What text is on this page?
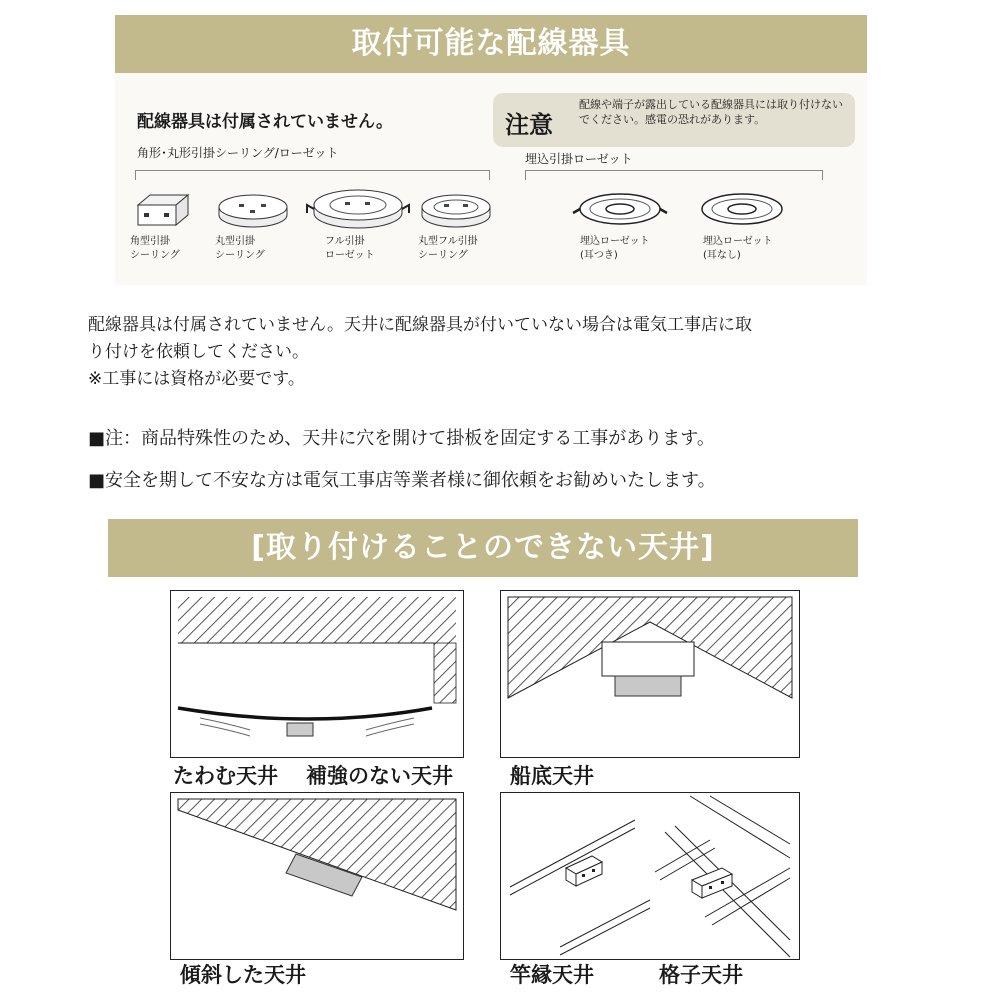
取付可能な配線器具
配線器具は付属されていません。
角形･丸形引掛シーリング/ローゼット
注意
配線や端子が露出している配線器具には取り付けないでください。感電の恐れがあります。
埋込引掛ローゼット
角型引掛
シーリング
丸型引掛
シーリング
フル引掛
ローゼット
丸型フル引掛
シーリング
埋込ローゼット
(耳つき)
埋込ローゼット
(耳なし)

配線器具は付属されていません。天井に配線器具が付いていない場合は電気工事店に取

り付けを依頼してください。

※工事には資格が必要です。

■注：商品特殊性のため、天井に穴を開けて掛板を固定する工事があります。
■安全を期して不安な方は電気工事店等業者様に御依頼をお勧めいたします。
[取り付けることのできない天井]
たわむ天井 補強のない天井	船底天井
傾斜した天井	竿縁天井	格子天井
